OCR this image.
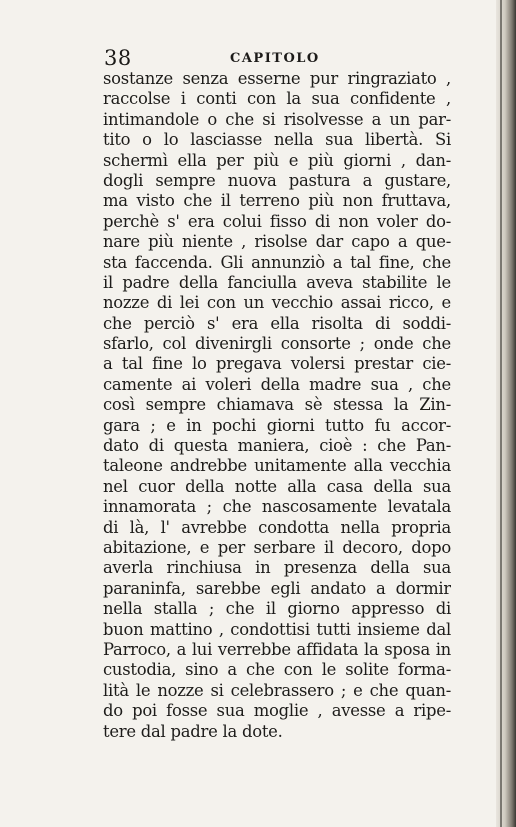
38	CAPITOLO
sostanze senza esserne pur ringraziato ,
raccolse i conti con la sua confidente ,
intimandole o che si risolvesse a un par-
tito o lo lasciasse nella sua libertà. Si
schermì ella per più e più giorni , dan-
dogli sempre nuova pastura a gustare,
ma visto che il terreno più non fruttava,
perchè s' era colui fisso di non voler do-
nare più niente , risolse dar capo a que-
sta faccenda. Gli annunziò a tal fine, che
il padre della fanciulla aveva stabilite le
nozze di lei con un vecchio assai ricco, e
che perciò s' era ella risolta di soddi-
sfarlo, col divenirgli consorte ; onde che
a tal fine lo pregava volersi prestar cie-
camente ai voleri della madre sua , che
così sempre chiamava sè stessa la Zin-
gara ; e in pochi giorni tutto fu accor-
dato di questa maniera, cioè : che Pan-
taleone andrebbe unitamente alla vecchia
nel cuor della notte alla casa della sua
innamorata ; che nascosamente levatala
di là, l' avrebbe condotta nella propria
abitazione, e per serbare il decoro, dopo
averla rinchiusa in presenza della sua
paraninfa, sarebbe egli andato a dormir
nella stalla ; che il giorno appresso di
buon mattino , condottisi tutti insieme dal
Parroco, a lui verrebbe affidata la sposa in
custodia, sino a che con le solite forma-
lità le nozze si celebrassero ; e che quan-
do poi fosse sua moglie , avesse a ripe-
tere dal padre la dote.
